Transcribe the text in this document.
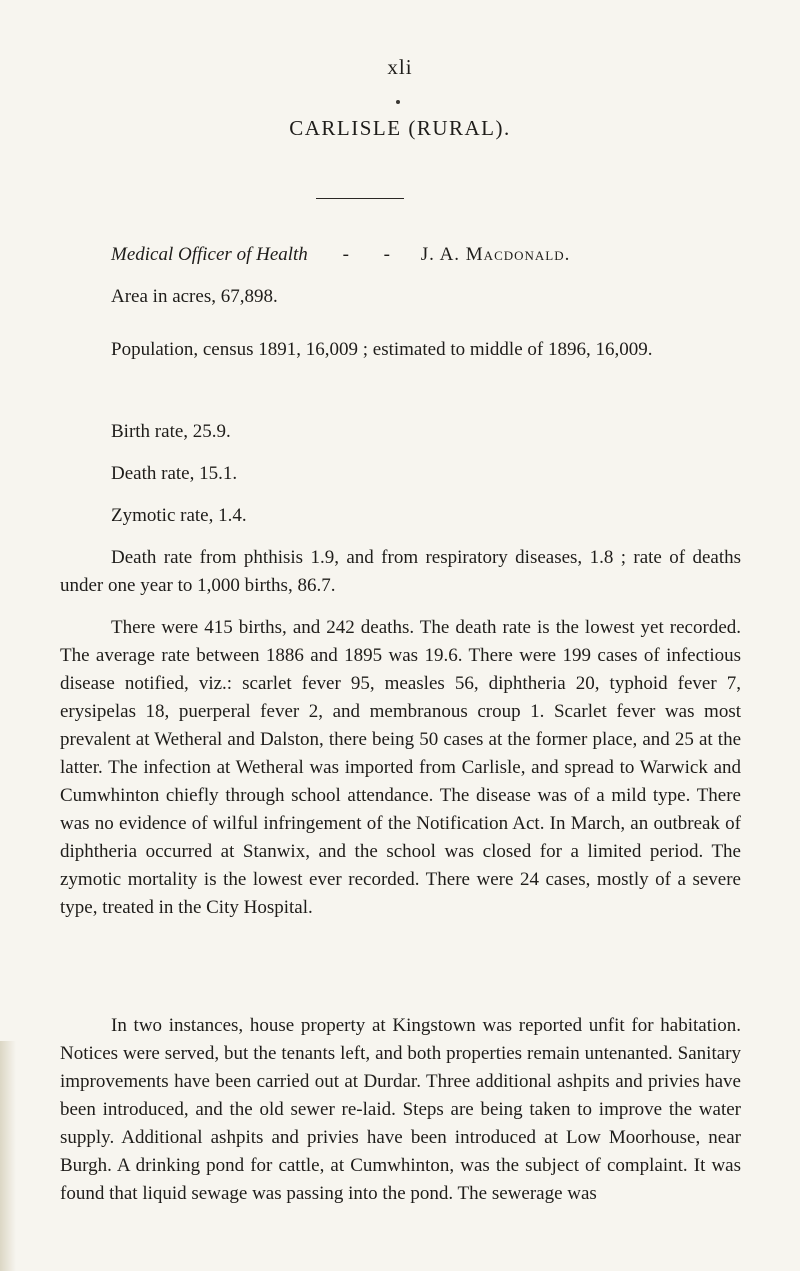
xli
CARLISLE (RURAL).
Medical Officer of Health - - J. A. Macdonald.

Area in acres, 67,898.

Population, census 1891, 16,009 ; estimated to middle of 1896, 16,009.

Birth rate, 25.9.

Death rate, 15.1.

Zymotic rate, 1.4.

Death rate from phthisis 1.9, and from respiratory diseases, 1.8 ; rate of deaths under one year to 1,000 births, 86.7.

There were 415 births, and 242 deaths. The death rate is the lowest yet recorded. The average rate between 1886 and 1895 was 19.6. There were 199 cases of infectious disease notified, viz.: scarlet fever 95, measles 56, diphtheria 20, typhoid fever 7, erysipelas 18, puerperal fever 2, and membranous croup 1. Scarlet fever was most prevalent at Wetheral and Dalston, there being 50 cases at the former place, and 25 at the latter. The infection at Wetheral was imported from Carlisle, and spread to Warwick and Cumwhinton chiefly through school attendance. The disease was of a mild type. There was no evidence of wilful infringement of the Notification Act. In March, an outbreak of diphtheria occurred at Stanwix, and the school was closed for a limited period. The zymotic mortality is the lowest ever recorded. There were 24 cases, mostly of a severe type, treated in the City Hospital.

In two instances, house property at Kingstown was reported unfit for habitation. Notices were served, but the tenants left, and both properties remain untenanted. Sanitary improvements have been carried out at Durdar. Three additional ashpits and privies have been introduced, and the old sewer re-laid. Steps are being taken to improve the water supply. Additional ashpits and privies have been introduced at Low Moorhouse, near Burgh. A drinking pond for cattle, at Cumwhinton, was the subject of complaint. It was found that liquid sewage was passing into the pond. The sewerage was
